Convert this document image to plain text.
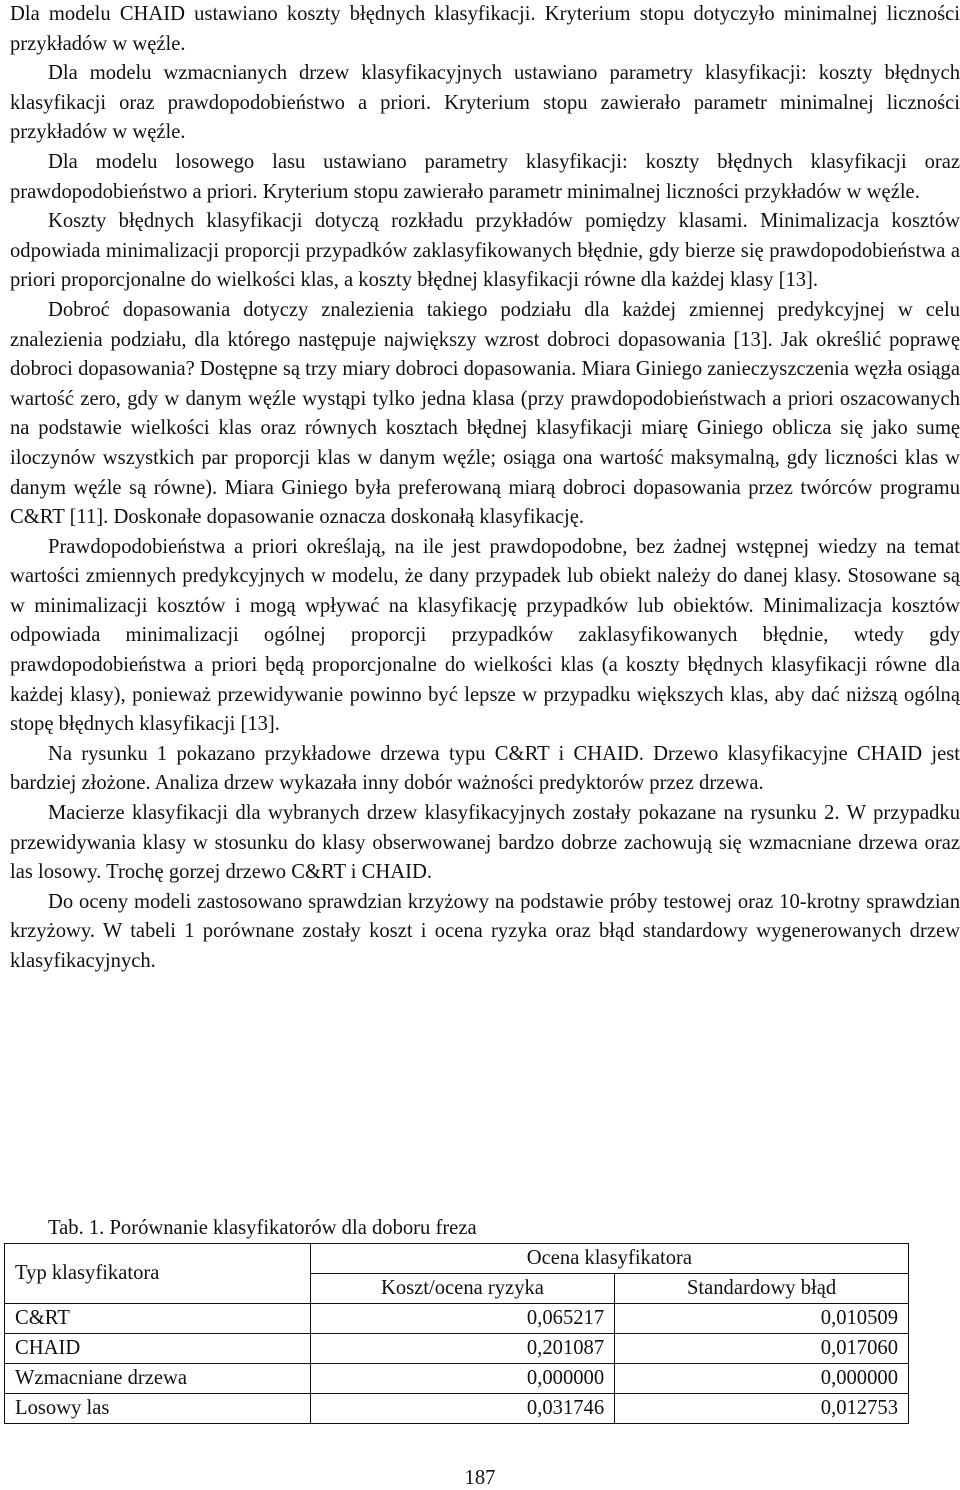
Dla modelu CHAID ustawiano koszty błędnych klasyfikacji. Kryterium stopu dotyczyło minimalnej liczności przykładów w węźle.

Dla modelu wzmacnianych drzew klasyfikacyjnych ustawiano parametry klasyfikacji: koszty błędnych klasyfikacji oraz prawdopodobieństwo a priori. Kryterium stopu zawierało parametr minimalnej liczności przykładów w węźle.

Dla modelu losowego lasu ustawiano parametry klasyfikacji: koszty błędnych klasyfikacji oraz prawdopodobieństwo a priori. Kryterium stopu zawierało parametr minimalnej liczności przykładów w węźle.

Koszty błędnych klasyfikacji dotyczą rozkładu przykładów pomiędzy klasami. Minimalizacja kosztów odpowiada minimalizacji proporcji przypadków zaklasyfikowanych błędnie, gdy bierze się prawdopodobieństwa a priori proporcjonalne do wielkości klas, a koszty błędnej klasyfikacji równe dla każdej klasy [13].

Dobroć dopasowania dotyczy znalezienia takiego podziału dla każdej zmiennej predykcyjnej w celu znalezienia podziału, dla którego następuje największy wzrost dobroci dopasowania [13]. Jak określić poprawę dobroci dopasowania? Dostępne są trzy miary dobroci dopasowania. Miara Giniego zanieczyszczenia węzła osiąga wartość zero, gdy w danym węźle wystąpi tylko jedna klasa (przy prawdopodobieństwach a priori oszacowanych na podstawie wielkości klas oraz równych kosztach błędnej klasyfikacji miarę Giniego oblicza się jako sumę iloczynów wszystkich par proporcji klas w danym węźle; osiąga ona wartość maksymalną, gdy liczności klas w danym węźle są równe). Miara Giniego była preferowaną miarą dobroci dopasowania przez twórców programu C&RT [11]. Doskonałe dopasowanie oznacza doskonałą klasyfikację.

Prawdopodobieństwa a priori określają, na ile jest prawdopodobne, bez żadnej wstępnej wiedzy na temat wartości zmiennych predykcyjnych w modelu, że dany przypadek lub obiekt należy do danej klasy. Stosowane są w minimalizacji kosztów i mogą wpływać na klasyfikację przypadków lub obiektów. Minimalizacja kosztów odpowiada minimalizacji ogólnej proporcji przypadków zaklasyfikowanych błędnie, wtedy gdy prawdopodobieństwa a priori będą proporcjonalne do wielkości klas (a koszty błędnych klasyfikacji równe dla każdej klasy), ponieważ przewidywanie powinno być lepsze w przypadku większych klas, aby dać niższą ogólną stopę błędnych klasyfikacji [13].

Na rysunku 1 pokazano przykładowe drzewa typu C&RT i CHAID. Drzewo klasyfikacyjne CHAID jest bardziej złożone. Analiza drzew wykazała inny dobór ważności predyktorów przez drzewa.

Macierze klasyfikacji dla wybranych drzew klasyfikacyjnych zostały pokazane na rysunku 2. W przypadku przewidywania klasy w stosunku do klasy obserwowanej bardzo dobrze zachowują się wzmacniane drzewa oraz las losowy. Trochę gorzej drzewo C&RT i CHAID.

Do oceny modeli zastosowano sprawdzian krzyżowy na podstawie próby testowej oraz 10-krotny sprawdzian krzyżowy. W tabeli 1 porównane zostały koszt i ocena ryzyka oraz błąd standardowy wygenerowanych drzew klasyfikacyjnych.

Tab. 1. Porównanie klasyfikatorów dla doboru freza

Typ klasyfikatora	Ocena klasyfikatora	
	Koszt/ocena ryzyka	Standardowy błąd
C&RT	0,065217	0,010509
CHAID	0,201087	0,017060
Wzmacniane drzewa	0,000000	0,000000
Losowy las	0,031746	0,012753
187
